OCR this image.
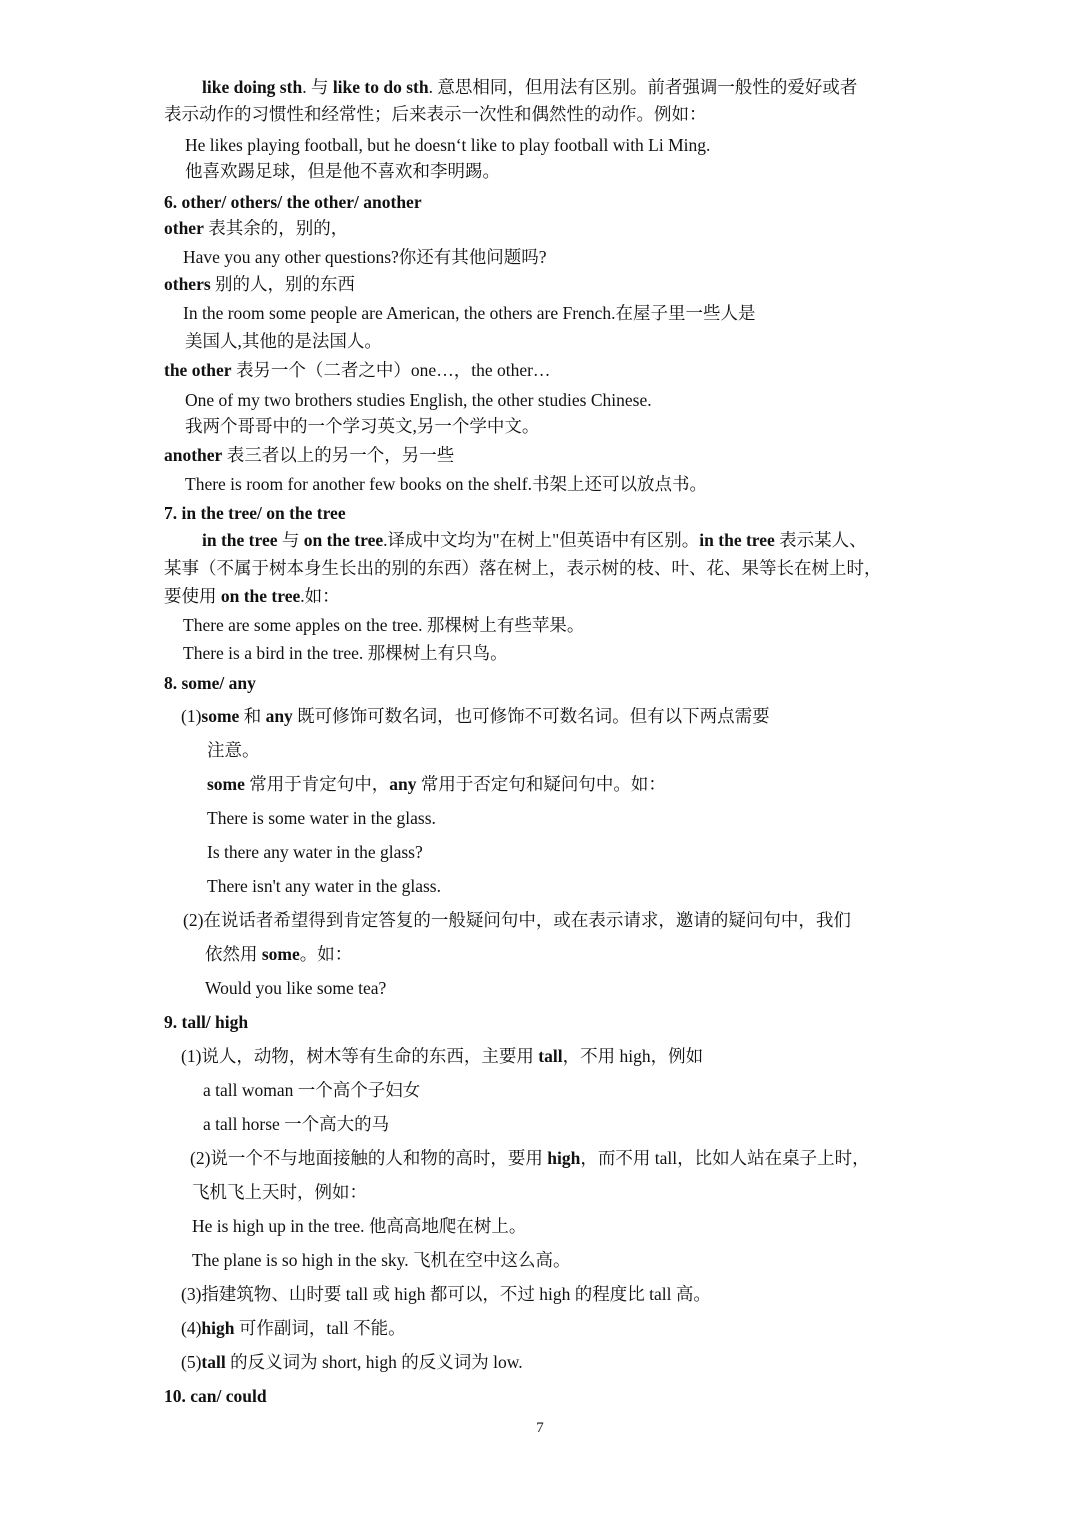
like doing sth. 与 like to do sth. 意思相同，但用法有区别。前者强调一般性的爱好或者
表示动作的习惯性和经常性；后来表示一次性和偶然性的动作。例如：
He likes playing football, but he doesn‘t like to play football with Li Ming.
他喜欢踢足球，但是他不喜欢和李明踢。
6. other/ others/ the other/ another
other 表其余的，别的，
Have you any other questions?你还有其他问题吗?
others 别的人，别的东西
In the room some people are American, the others are French.在屋子里一些人是
美国人,其他的是法国人。
the other 表另一个（二者之中）one…，the other…
One of my two brothers studies English, the other studies Chinese.
我两个哥哥中的一个学习英文,另一个学中文。
another 表三者以上的另一个，另一些
There is room for another few books on the shelf.书架上还可以放点书。
7. in the tree/ on the tree
in the tree 与 on the tree.译成中文均为"在树上"但英语中有区别。in the tree 表示某人、
某事（不属于树本身生长出的别的东西）落在树上，表示树的枝、叶、花、果等长在树上时，
要使用 on the tree.如：
There are some apples on the tree. 那棵树上有些苹果。
There is a bird in the tree. 那棵树上有只鸟。
8. some/ any
(1)some 和 any 既可修饰可数名词，也可修饰不可数名词。但有以下两点需要
注意。
some 常用于肯定句中，any 常用于否定句和疑问句中。如：
There is some water in the glass.
Is there any water in the glass?
There isn't any water in the glass.
(2)在说话者希望得到肯定答复的一般疑问句中，或在表示请求，邀请的疑问句中，我们
依然用 some。如：
Would you like some tea?
9. tall/ high
(1)说人，动物，树木等有生命的东西，主要用 tall，不用 high，例如
a tall woman 一个高个子妇女
a tall horse 一个高大的马
(2)说一个不与地面接触的人和物的高时，要用 high，而不用 tall，比如人站在桌子上时，
飞机飞上天时，例如：
He is high up in the tree. 他高高地爬在树上。
The plane is so high in the sky. 飞机在空中这么高。
(3)指建筑物、山时要 tall 或 high 都可以，不过 high 的程度比 tall 高。
(4)high 可作副词，tall 不能。
(5)tall 的反义词为 short, high 的反义词为 low.
10. can/ could
7
